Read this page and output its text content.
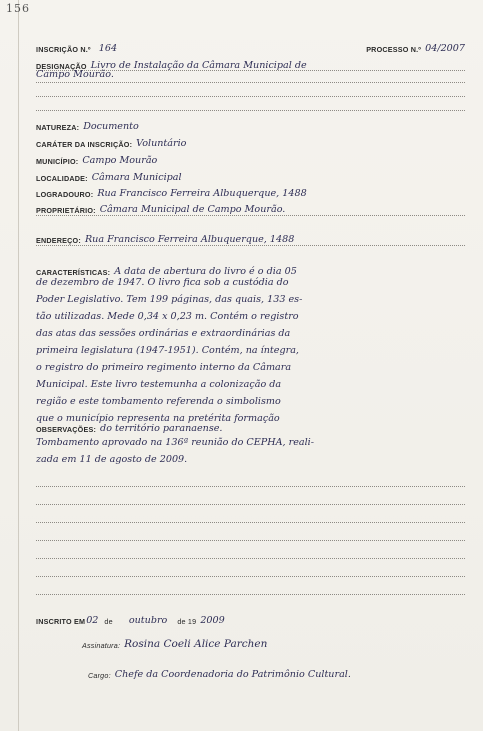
156
INSCRIÇÃO N.º 164	PROCESSO N.º 04/2007
DESIGNAÇÃO Livro de Instalação da Câmara Municipal de
Campo Mourão.
NATUREZA: Documento
CARÁTER DA INSCRIÇÃO: Voluntário
MUNICÍPIO: Campo Mourão
LOCALIDADE: Câmara Municipal
LOGRADOURO: Rua Francisco Ferreira Albuquerque, 1488
PROPRIETÁRIO: Câmara Municipal de Campo Mourão.
ENDEREÇO: Rua Francisco Ferreira Albuquerque, 1488
CARACTERÍSTICAS: A data de abertura do livro é o dia 05
de dezembro de 1947. O livro fica sob a custódia do
Poder Legislativo. Tem 199 páginas, das quais, 133 es-
tão utilizadas. Mede 0,34 x 0,23 m. Contém o registro
das atas das sessões ordinárias e extraordinárias da
primeira legislatura (1947-1951). Contém, na íntegra,
o registro do primeiro regimento interno da Câmara
Municipal. Este livro testemunha a colonização da
região e este tombamento referenda o simbolismo
que o município representa na pretérita formação
OBSERVAÇÕES: do território paranaense.
Tombamento aprovado na 136ª reunião do CEPHA, reali-
zada em 11 de agosto de 2009.
INSCRITO EM 02 de outubro de 19 2009
Assinatura: Rosina Coeli Alice Parchen
Cargo: Chefe da Coordenadoria do Patrimônio Cultural.
